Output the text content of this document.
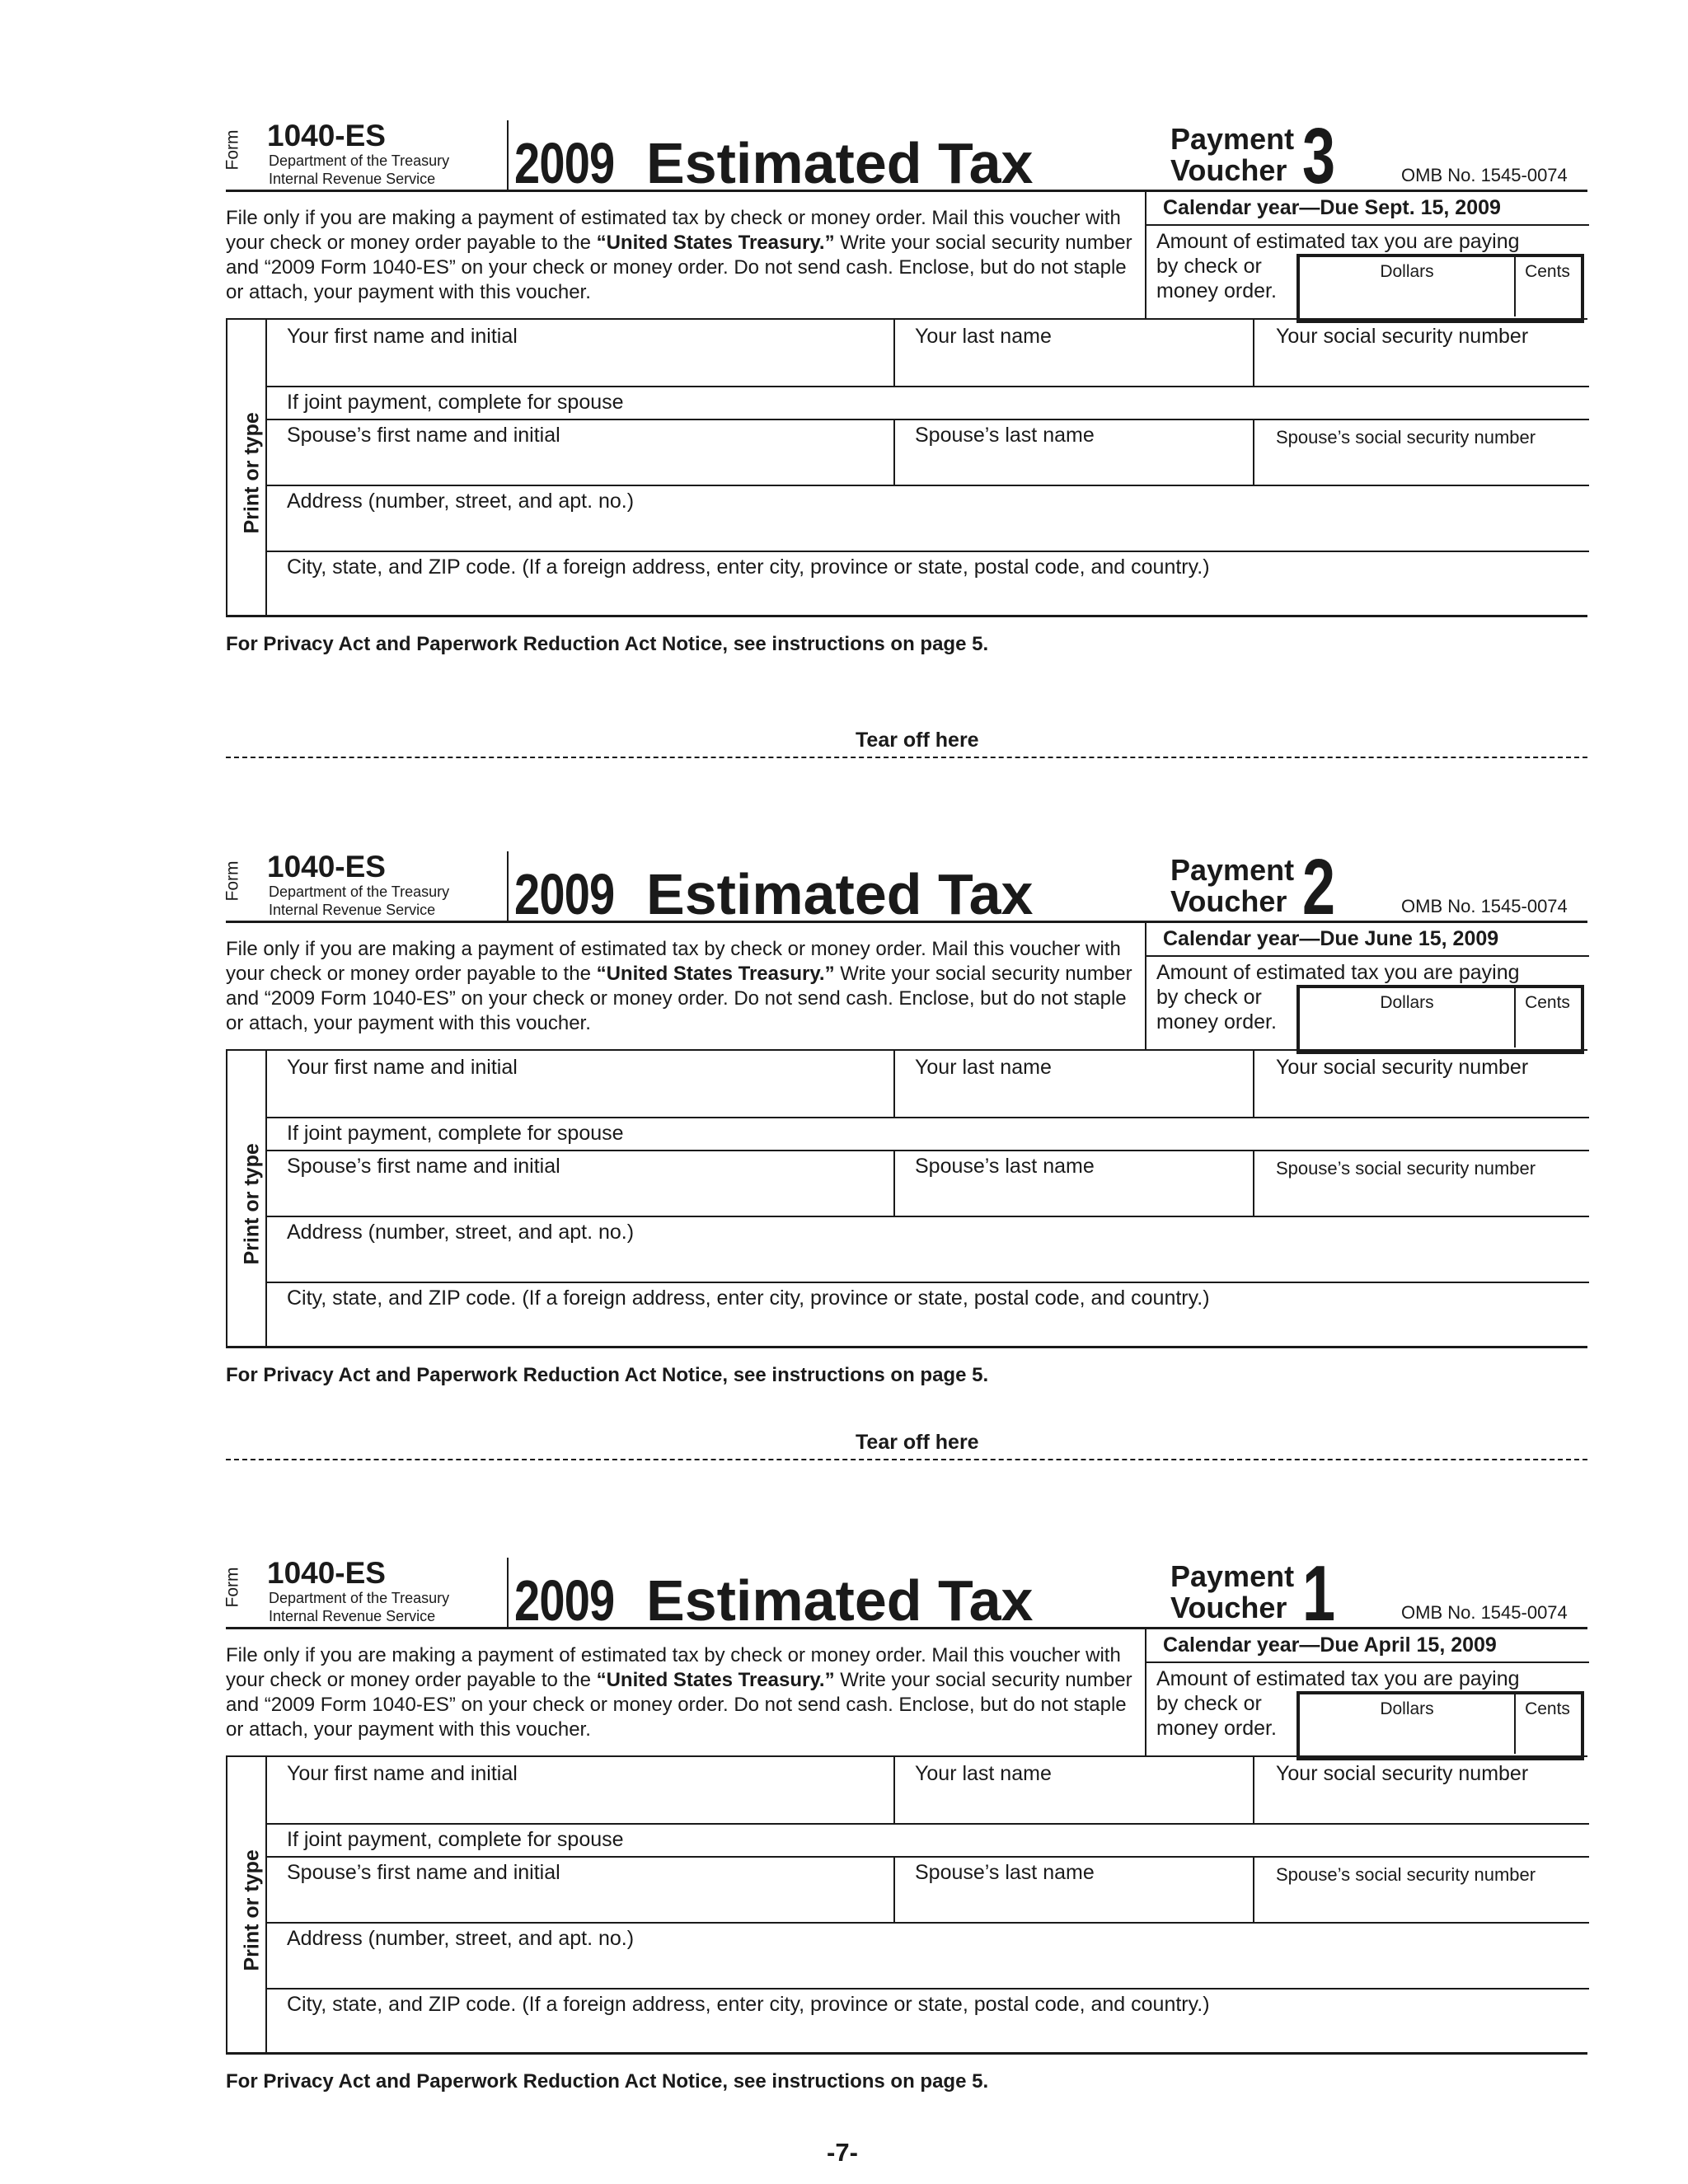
Form 1040-ES
Department of the Treasury
Internal Revenue Service 2009 Estimated Tax	Payment
Voucher 3	OMB No. 1545-0074
File only if you are making a payment of estimated tax by check or money order. Mail this voucher with your check or money order payable to the “United States Treasury.” Write your social security number and “2009 Form 1040-ES” on your check or money order. Do not send cash. Enclose, but do not staple or attach, your payment with this voucher.
Calendar year—Due Sept. 15, 2009
Amount of estimated tax you are paying
by check or
money order.
Dollars	Cents
Print or type
Your first name and initial	Your last name	Your social security number
If joint payment, complete for spouse
Spouse’s first name and initial	Spouse’s last name	Spouse’s social security number
Address (number, street, and apt. no.)
City, state, and ZIP code. (If a foreign address, enter city, province or state, postal code, and country.)
For Privacy Act and Paperwork Reduction Act Notice, see instructions on page 5.
Tear off here
Form 1040-ES
Department of the Treasury
Internal Revenue Service 2009 Estimated Tax	Payment
Voucher 2	OMB No. 1545-0074
File only if you are making a payment of estimated tax by check or money order. Mail this voucher with your check or money order payable to the “United States Treasury.” Write your social security number and “2009 Form 1040-ES” on your check or money order. Do not send cash. Enclose, but do not staple or attach, your payment with this voucher.
Calendar year—Due June 15, 2009
Amount of estimated tax you are paying
by check or
money order.
Dollars	Cents
Print or type
Your first name and initial	Your last name	Your social security number
If joint payment, complete for spouse
Spouse’s first name and initial	Spouse’s last name	Spouse’s social security number
Address (number, street, and apt. no.)
City, state, and ZIP code. (If a foreign address, enter city, province or state, postal code, and country.)
For Privacy Act and Paperwork Reduction Act Notice, see instructions on page 5.
Tear off here
Form 1040-ES
Department of the Treasury
Internal Revenue Service 2009 Estimated Tax	Payment
Voucher 1	OMB No. 1545-0074
File only if you are making a payment of estimated tax by check or money order. Mail this voucher with your check or money order payable to the “United States Treasury.” Write your social security number and “2009 Form 1040-ES” on your check or money order. Do not send cash. Enclose, but do not staple or attach, your payment with this voucher.
Calendar year—Due April 15, 2009
Amount of estimated tax you are paying
by check or
money order.
Dollars	Cents
Print or type
Your first name and initial	Your last name	Your social security number
If joint payment, complete for spouse
Spouse’s first name and initial	Spouse’s last name	Spouse’s social security number
Address (number, street, and apt. no.)
City, state, and ZIP code. (If a foreign address, enter city, province or state, postal code, and country.)
For Privacy Act and Paperwork Reduction Act Notice, see instructions on page 5.
-7-
